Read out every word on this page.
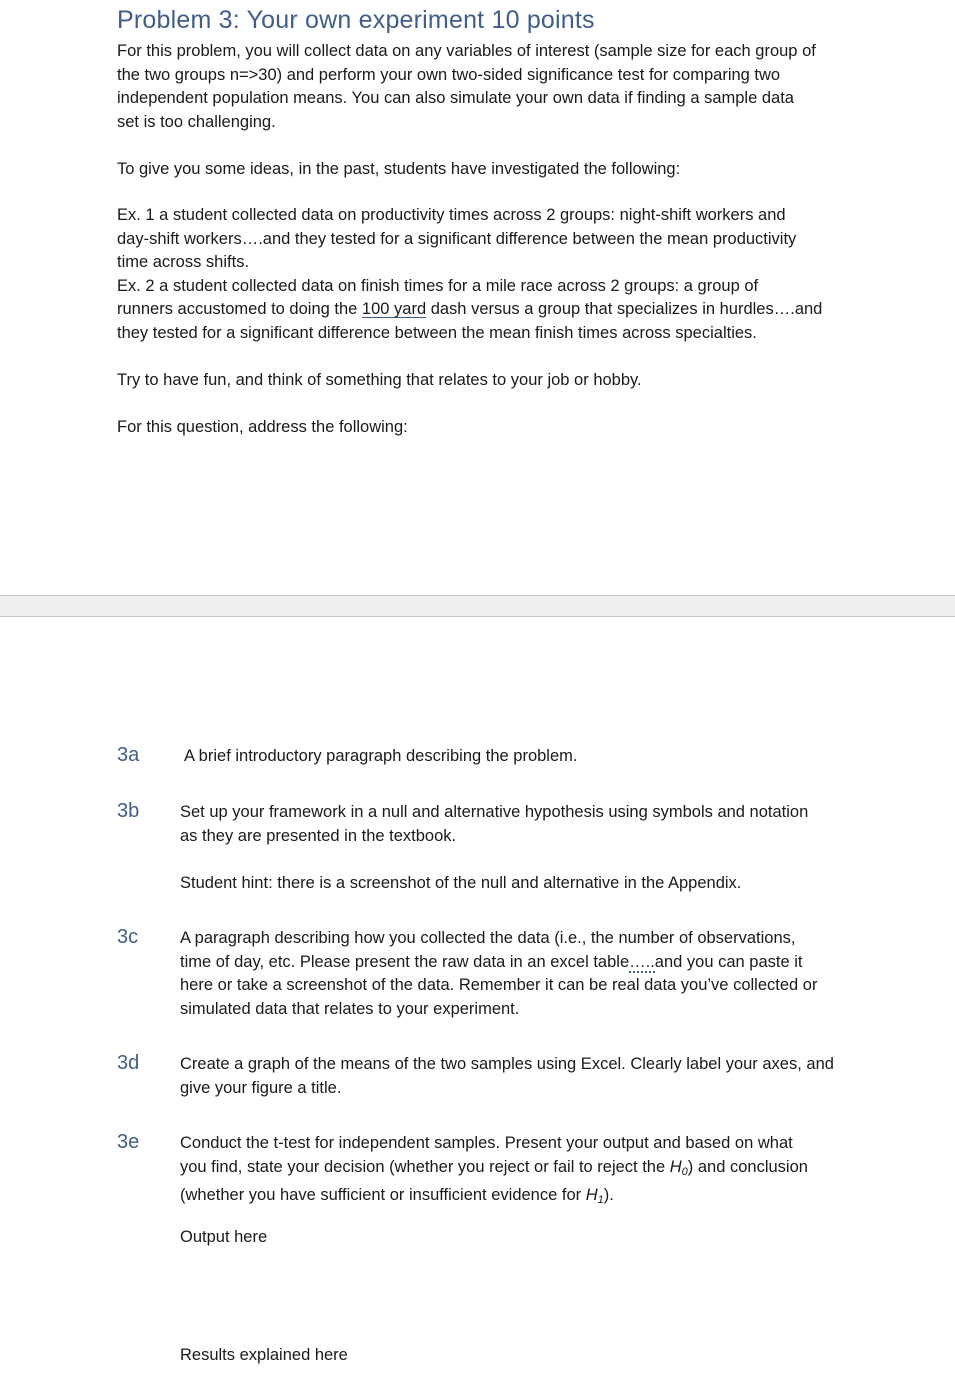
Problem 3: Your own experiment 10 points
For this problem, you will collect data on any variables of interest (sample size for each group of
the two groups n=>30) and perform your own two-sided significance test for comparing two
independent population means. You can also simulate your own data if finding a sample data
set is too challenging.
To give you some ideas, in the past, students have investigated the following:
Ex. 1 a student collected data on productivity times across 2 groups: night-shift workers and
day-shift workers….and they tested for a significant difference between the mean productivity
time across shifts.
Ex. 2 a student collected data on finish times for a mile race across 2 groups: a group of
runners accustomed to doing the 100 yard dash versus a group that specializes in hurdles….and
they tested for a significant difference between the mean finish times across specialties.
Try to have fun, and think of something that relates to your job or hobby.
For this question, address the following:
3a	A brief introductory paragraph describing the problem.
3b Set up your framework in a null and alternative hypothesis using symbols and notation
as they are presented in the textbook.
Student hint: there is a screenshot of the null and alternative in the Appendix.
3c	A paragraph describing how you collected the data (i.e., the number of observations,
time of day, etc. Please present the raw data in an excel table…..and you can paste it
here or take a screenshot of the data. Remember it can be real data you’ve collected or
simulated data that relates to your experiment.
3d Create a graph of the means of the two samples using Excel. Clearly label your axes, and
give your figure a title.
3e Conduct the t-test for independent samples. Present your output and based on what
you find, state your decision (whether you reject or fail to reject the $H_0$) and conclusion
(whether you have sufficient or insufficient evidence for $H_1$).
Output here
Results explained here
